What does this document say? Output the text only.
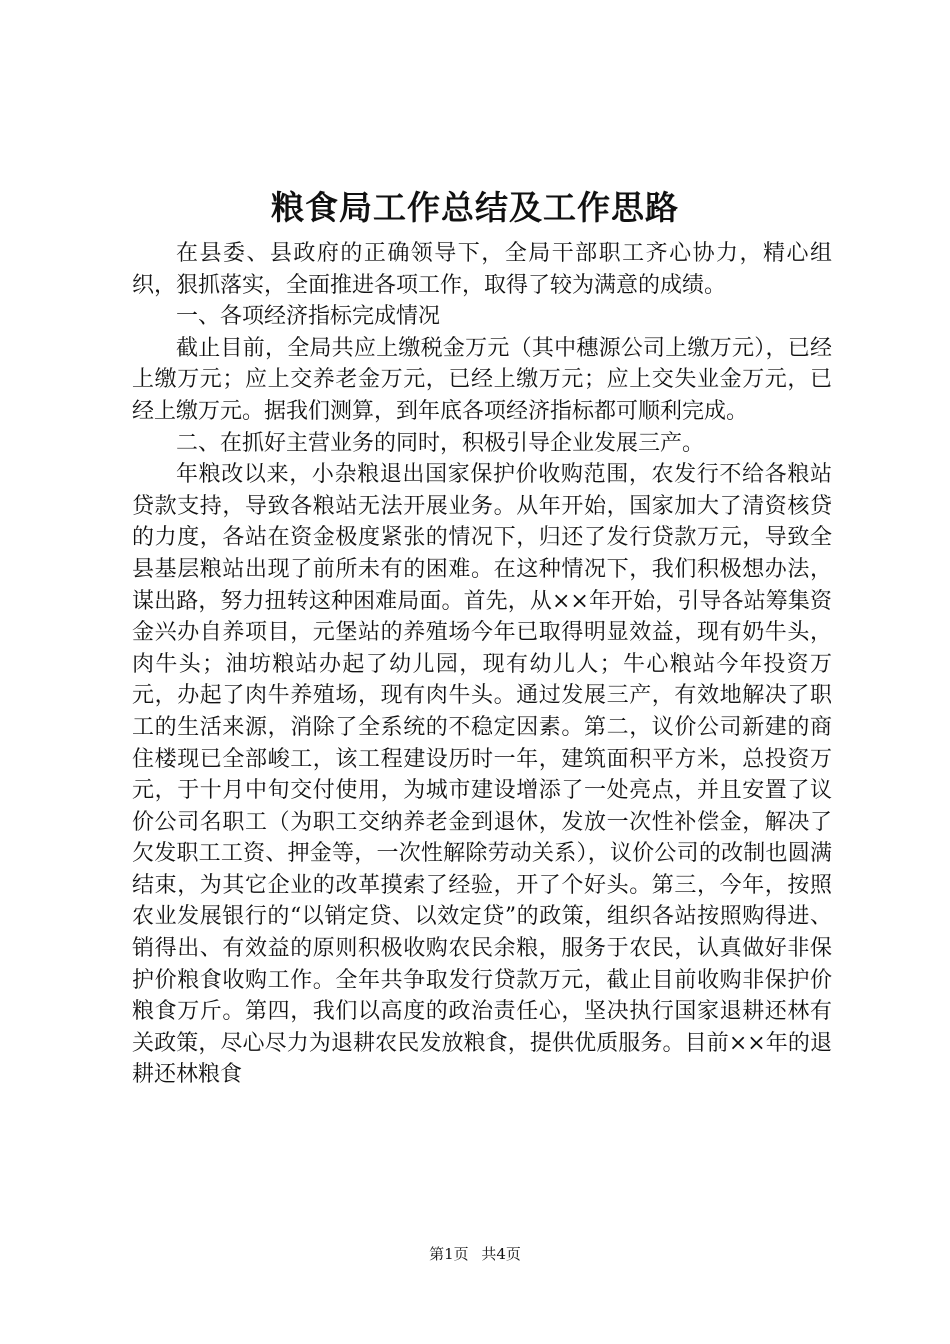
粮食局工作总结及工作思路

在县委、县政府的正确领导下，全局干部职工齐心协力，精心组织，狠抓落实，全面推进各项工作，取得了较为满意的成绩。

一、各项经济指标完成情况

截止目前，全局共应上缴税金万元（其中穗源公司上缴万元），已经上缴万元；应上交养老金万元，已经上缴万元；应上交失业金万元，已经上缴万元。据我们测算，到年底各项经济指标都可顺利完成。

二、在抓好主营业务的同时，积极引导企业发展三产。

年粮改以来，小杂粮退出国家保护价收购范围，农发行不给各粮站贷款支持，导致各粮站无法开展业务。从年开始，国家加大了清资核贷的力度，各站在资金极度紧张的情况下，归还了发行贷款万元，导致全县基层粮站出现了前所未有的困难。在这种情况下，我们积极想办法，谋出路，努力扭转这种困难局面。首先，从××年开始，引导各站筹集资金兴办自养项目，元堡站的养殖场今年已取得明显效益，现有奶牛头，肉牛头；油坊粮站办起了幼儿园，现有幼儿人；牛心粮站今年投资万元，办起了肉牛养殖场，现有肉牛头。通过发展三产，有效地解决了职工的生活来源，消除了全系统的不稳定因素。第二，议价公司新建的商住楼现已全部峻工，该工程建设历时一年，建筑面积平方米，总投资万元，于十月中旬交付使用，为城市建设增添了一处亮点，并且安置了议价公司名职工（为职工交纳养老金到退休，发放一次性补偿金，解决了欠发职工工资、押金等，一次性解除劳动关系），议价公司的改制也圆满结束，为其它企业的改革摸索了经验，开了个好头。第三，今年，按照农业发展银行的“以销定贷、以效定贷”的政策，组织各站按照购得进、销得出、有效益的原则积极收购农民余粮，服务于农民，认真做好非保护价粮食收购工作。全年共争取发行贷款万元，截止目前收购非保护价粮食万斤。第四，我们以高度的政治责任心，坚决执行国家退耕还林有关政策，尽心尽力为退耕农民发放粮食，提供优质服务。目前××年的退耕还林粮食

第1页 共4页
